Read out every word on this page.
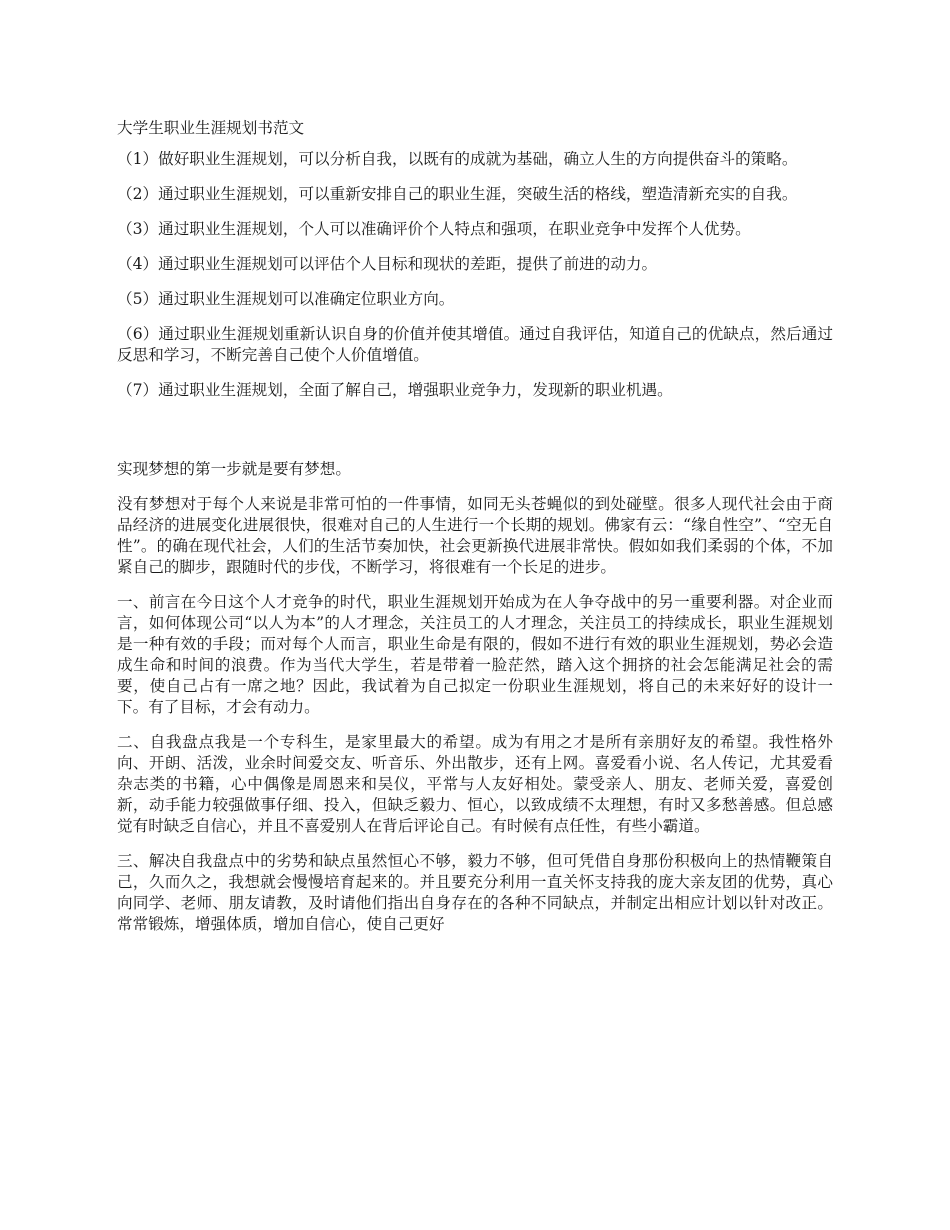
大学生职业生涯规划书范文

（1）做好职业生涯规划，可以分析自我，以既有的成就为基础，确立人生的方向提供奋斗的策略。

（2）通过职业生涯规划，可以重新安排自己的职业生涯，突破生活的格线，塑造清新充实的自我。

（3）通过职业生涯规划，个人可以准确评价个人特点和强项，在职业竞争中发挥个人优势。

（4）通过职业生涯规划可以评估个人目标和现状的差距，提供了前进的动力。

（5）通过职业生涯规划可以准确定位职业方向。

（6）通过职业生涯规划重新认识自身的价值并使其增值。通过自我评估，知道自己的优缺点，然后通过反思和学习，不断完善自己使个人价值增值。

（7）通过职业生涯规划，全面了解自己，增强职业竞争力，发现新的职业机遇。

实现梦想的第一步就是要有梦想。

没有梦想对于每个人来说是非常可怕的一件事情，如同无头苍蝇似的到处碰壁。很多人现代社会由于商品经济的进展变化进展很快，很难对自己的人生进行一个长期的规划。佛家有云：“缘自性空”、“空无自性”。的确在现代社会，人们的生活节奏加快，社会更新换代进展非常快。假如如我们柔弱的个体，不加紧自己的脚步，跟随时代的步伐，不断学习，将很难有一个长足的进步。

一、前言在今日这个人才竞争的时代，职业生涯规划开始成为在人争夺战中的另一重要利器。对企业而言，如何体现公司“以人为本”的人才理念，关注员工的人才理念，关注员工的持续成长，职业生涯规划是一种有效的手段；而对每个人而言，职业生命是有限的，假如不进行有效的职业生涯规划，势必会造成生命和时间的浪费。作为当代大学生，若是带着一脸茫然，踏入这个拥挤的社会怎能满足社会的需要，使自己占有一席之地？因此，我试着为自己拟定一份职业生涯规划，将自己的未来好好的设计一下。有了目标，才会有动力。

二、自我盘点我是一个专科生，是家里最大的希望。成为有用之才是所有亲朋好友的希望。我性格外向、开朗、活泼，业余时间爱交友、听音乐、外出散步，还有上网。喜爱看小说、名人传记，尤其爱看杂志类的书籍，心中偶像是周恩来和吴仪，平常与人友好相处。蒙受亲人、朋友、老师关爱，喜爱创新，动手能力较强做事仔细、投入，但缺乏毅力、恒心，以致成绩不太理想，有时又多愁善感。但总感觉有时缺乏自信心，并且不喜爱别人在背后评论自己。有时候有点任性，有些小霸道。

三、解决自我盘点中的劣势和缺点虽然恒心不够，毅力不够，但可凭借自身那份积极向上的热情鞭策自己，久而久之，我想就会慢慢培育起来的。并且要充分利用一直关怀支持我的庞大亲友团的优势，真心向同学、老师、朋友请教，及时请他们指出自身存在的各种不同缺点，并制定出相应计划以针对改正。常常锻炼，增强体质，增加自信心，使自己更好
